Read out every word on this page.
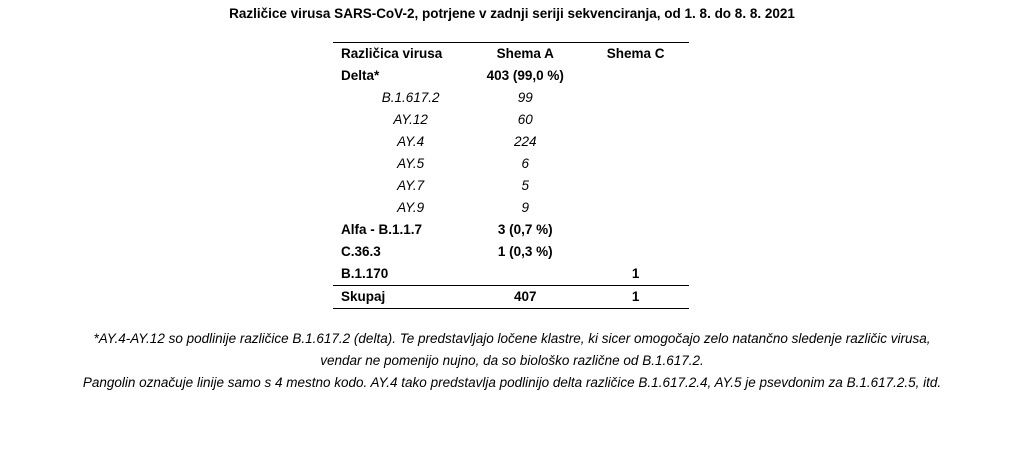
Različice virusa SARS-CoV-2, potrjene v zadnji seriji sekvenciranja, od 1. 8. do 8. 8. 2021
Različica virusa	Shema A	Shema C
Delta*	403 (99,0 %)	
B.1.617.2	99	
AY.12	60	
AY.4	224	
AY.5	6	
AY.7	5	
AY.9	9	
Alfa - B.1.1.7	3 (0,7 %)	
C.36.3	1 (0,3 %)	
B.1.170		1
Skupaj	407	1
*AY.4-AY.12 so podlinije različice B.1.617.2 (delta). Te predstavljajo ločene klastre, ki sicer omogočajo zelo natančno sledenje različic virusa,
vendar ne pomenijo nujno, da so biološko različne od B.1.617.2.
Pangolin označuje linije samo s 4 mestno kodo. AY.4 tako predstavlja podlinijo delta različice B.1.617.2.4, AY.5 je psevdonim za B.1.617.2.5, itd.
